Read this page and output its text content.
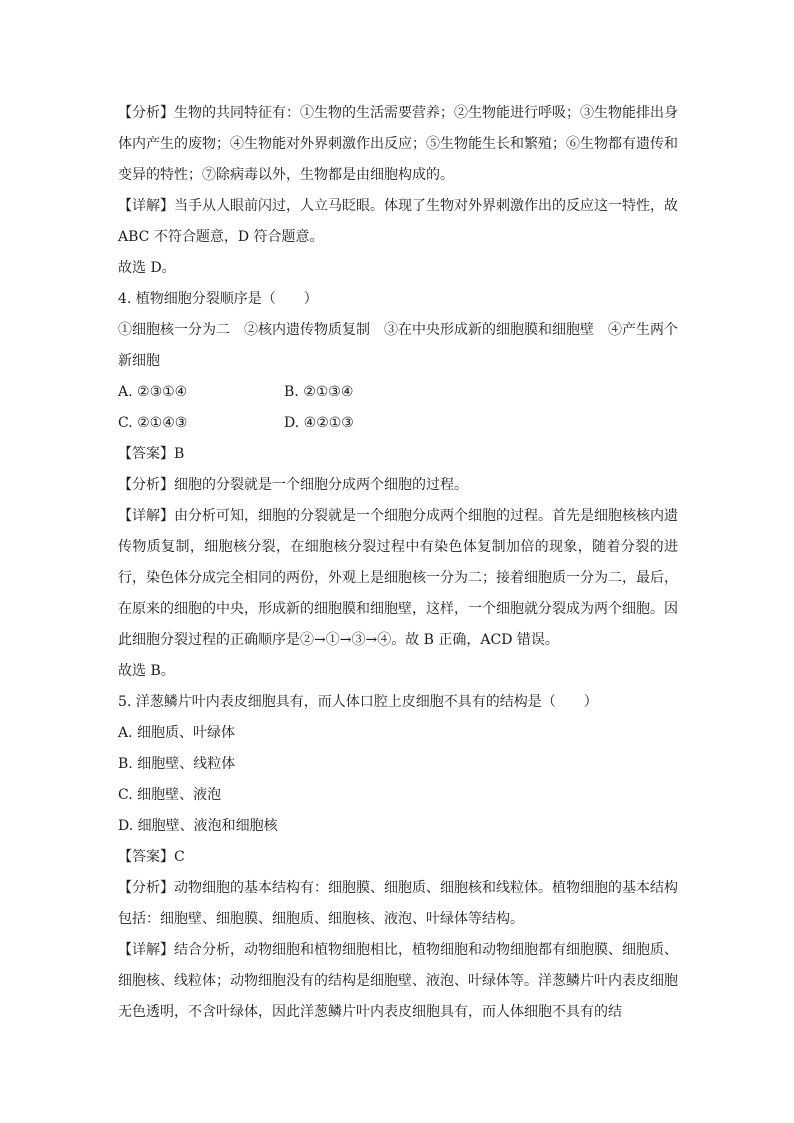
【分析】生物的共同特征有：①生物的生活需要营养；②生物能进行呼吸；③生物能排出身体内产生的废物；④生物能对外界刺激作出反应；⑤生物能生长和繁殖；⑥生物都有遗传和变异的特性；⑦除病毒以外，生物都是由细胞构成的。

【详解】当手从人眼前闪过，人立马眨眼。体现了生物对外界刺激作出的反应这一特性，故 ABC 不符合题意，D 符合题意。

故选 D。

4. 植物细胞分裂顺序是（　　）

①细胞核一分为二　②核内遗传物质复制　③在中央形成新的细胞膜和细胞壁　④产生两个新细胞

A. ②③①④	B. ②①③④
C. ②①④③	D. ④②①③

【答案】B

【分析】细胞的分裂就是一个细胞分成两个细胞的过程。

【详解】由分析可知，细胞的分裂就是一个细胞分成两个细胞的过程。首先是细胞核核内遗传物质复制，细胞核分裂，在细胞核分裂过程中有染色体复制加倍的现象，随着分裂的进行，染色体分成完全相同的两份，外观上是细胞核一分为二；接着细胞质一分为二，最后，在原来的细胞的中央，形成新的细胞膜和细胞壁，这样，一个细胞就分裂成为两个细胞。因此细胞分裂过程的正确顺序是②→①→③→④。故 B 正确，ACD 错误。

故选 B。

5. 洋葱鳞片叶内表皮细胞具有，而人体口腔上皮细胞不具有的结构是（　　）

A. 细胞质、叶绿体

B. 细胞壁、线粒体

C. 细胞壁、液泡

D. 细胞壁、液泡和细胞核

【答案】C

【分析】动物细胞的基本结构有：细胞膜、细胞质、细胞核和线粒体。植物细胞的基本结构包括：细胞壁、细胞膜、细胞质、细胞核、液泡、叶绿体等结构。

【详解】结合分析，动物细胞和植物细胞相比，植物细胞和动物细胞都有细胞膜、细胞质、细胞核、线粒体；动物细胞没有的结构是细胞壁、液泡、叶绿体等。洋葱鳞片叶内表皮细胞无色透明，不含叶绿体，因此洋葱鳞片叶内表皮细胞具有，而人体细胞不具有的结
